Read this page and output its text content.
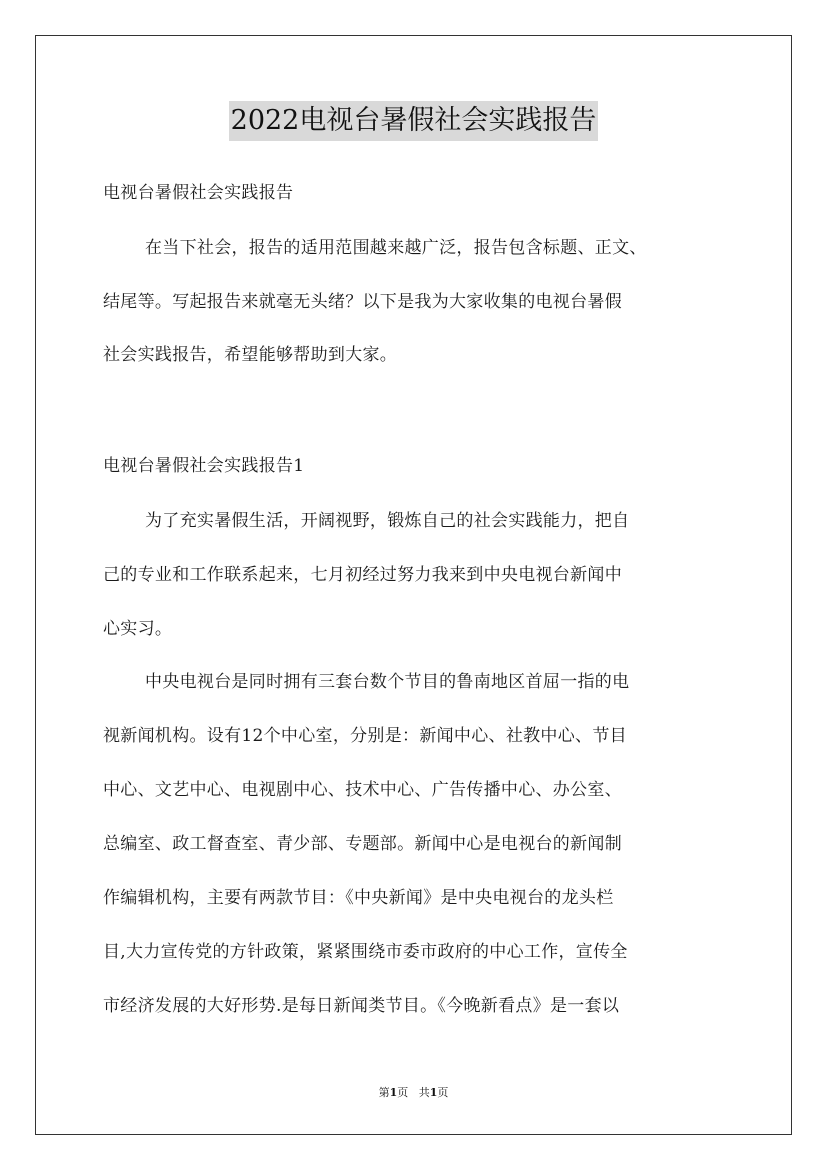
2022电视台暑假社会实践报告
电视台暑假社会实践报告
在当下社会，报告的适用范围越来越广泛，报告包含标题、正文、
结尾等。写起报告来就毫无头绪？以下是我为大家收集的电视台暑假
社会实践报告，希望能够帮助到大家。
电视台暑假社会实践报告1
为了充实暑假生活，开阔视野，锻炼自己的社会实践能力，把自
己的专业和工作联系起来，七月初经过努力我来到中央电视台新闻中
心实习。
中央电视台是同时拥有三套台数个节目的鲁南地区首屈一指的电
视新闻机构。设有12个中心室，分别是：新闻中心、社教中心、节目
中心、文艺中心、电视剧中心、技术中心、广告传播中心、办公室、
总编室、政工督查室、青少部、专题部。新闻中心是电视台的新闻制
作编辑机构，主要有两款节目：《中央新闻》是中央电视台的龙头栏
目,大力宣传党的方针政策，紧紧围绕市委市政府的中心工作，宣传全
市经济发展的大好形势.是每日新闻类节目。《今晚新看点》是一套以
第1页 共1页
